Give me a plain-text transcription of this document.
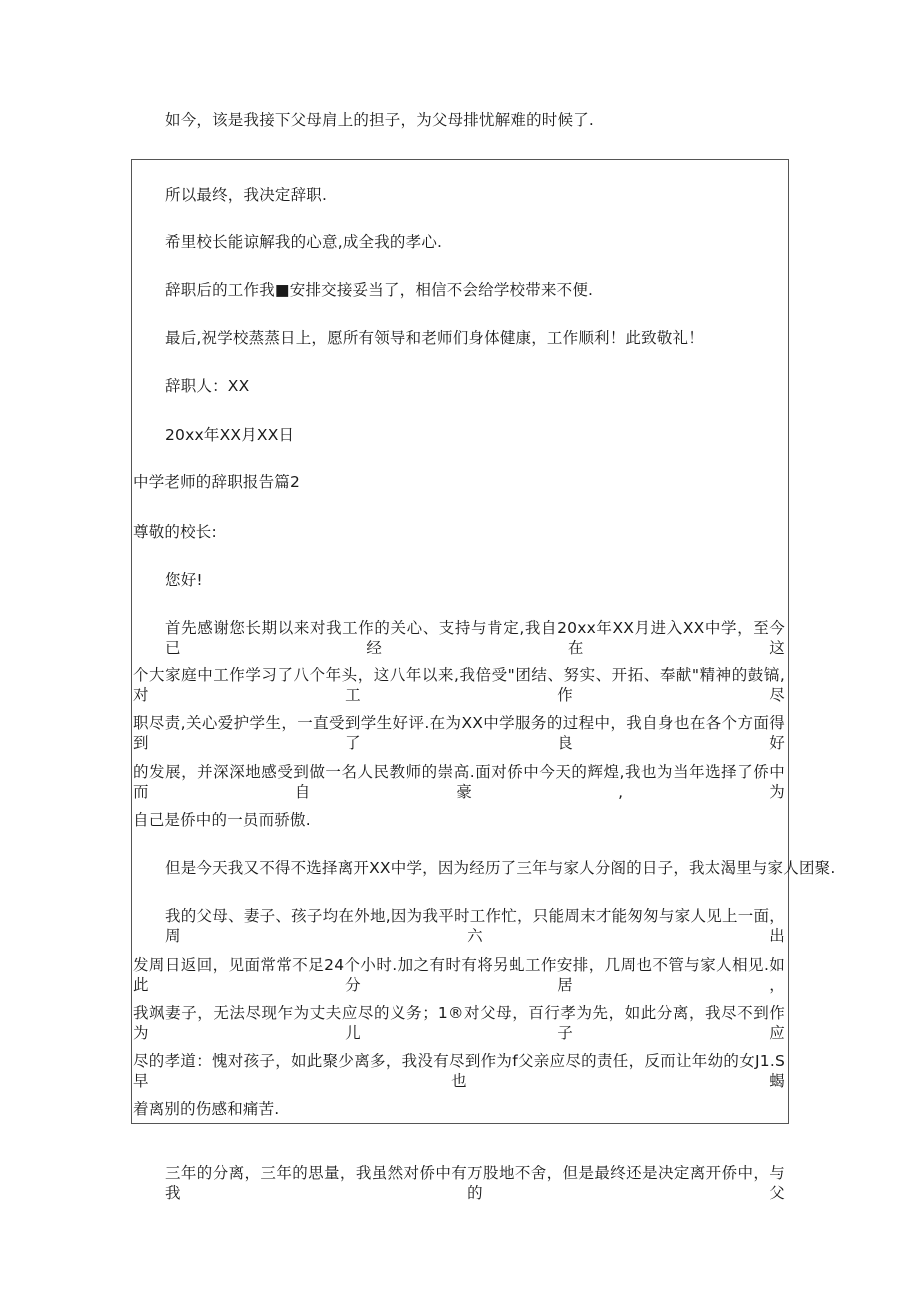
如今，该是我接下父母肩上的担子，为父母排忧解难的时候了.
所以最终，我决定辞职.
希里校长能谅解我的心意,成全我的孝心.
辞职后的工作我■安排交接妥当了，相信不会给学校带来不便.
最后,祝学校蒸蒸日上，愿所有领导和老师们身体健康，工作顺利！此致敬礼！
辞职人：XX
20xx年XX月XX日
中学老师的辞职报告篇2
尊敬的校长:
您好!
首先感谢您长期以来对我工作的关心、支持与肯定,我自20xx年XX月进入XX中学，至今已经在这
个大家庭中工作学习了八个年头，这八年以来,我倍受"团结、努实、开拓、奉献"精神的鼓镐,对工作尽
职尽责,关心爱护学生，一直受到学生好评.在为XX中学服务的过程中，我自身也在各个方面得到了良好
的发展，并深深地感受到做一名人民教师的崇高.面对侨中今天的辉煌,我也为当年选择了侨中而自豪,为
自己是侨中的一员而骄傲.
但是今天我又不得不选择离开XX中学，因为经历了三年与家人分阁的日子，我太渴里与家人团聚.
我的父母、妻子、孩子均在外地,因为我平时工作忙，只能周末才能匆匆与家人见上一面，周六出
发周日返回，见面常常不足24个小时.加之有时有将另虬工作安排，几周也不管与家人相见.如此分居，
我飒妻子，无法尽现乍为丈夫应尽的义务；1®对父母，百行孝为先，如此分离，我尽不到作为儿子应
尽的孝道：愧对孩子，如此聚少离多，我没有尽到作为f父亲应尽的责任，反而让年幼的女J1.S早也蝎
着离别的伤感和痛苦.
三年的分离，三年的思量，我虽然对侨中有万股地不舍，但是最终还是决定离开侨中，与我的父
